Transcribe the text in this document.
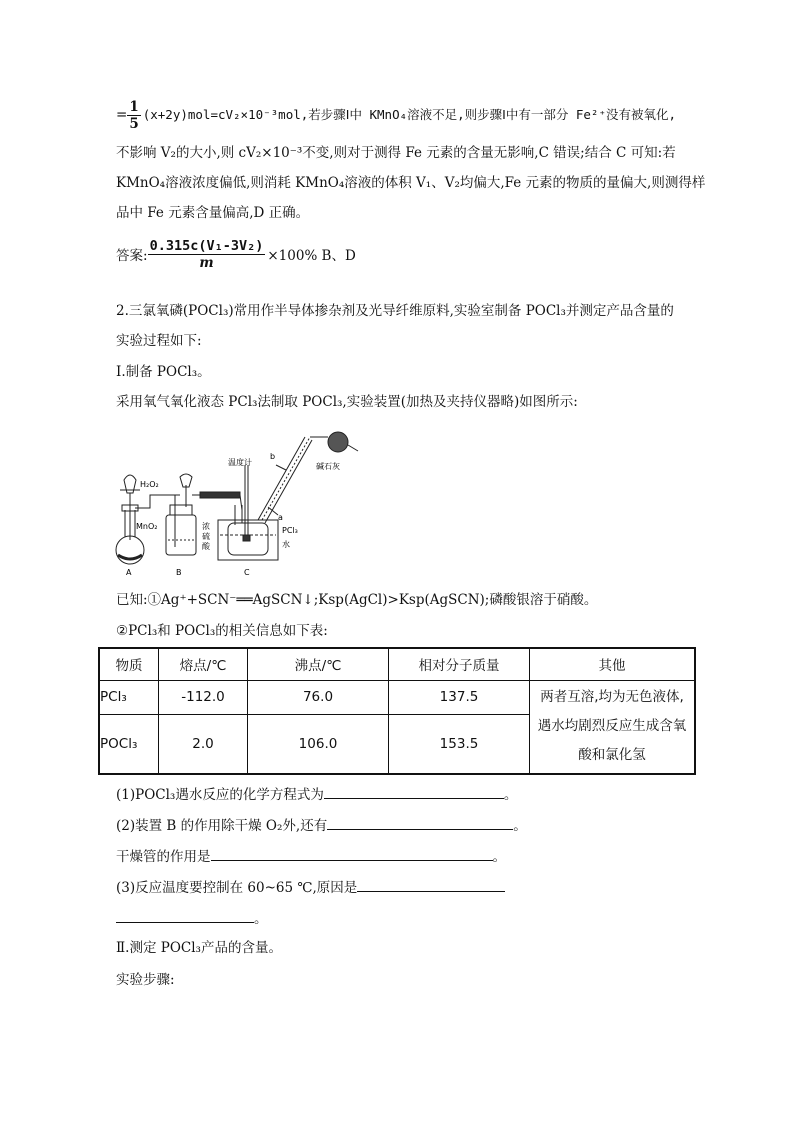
= $\frac{1}{5} (x+2y)mol=cV_2\times 10^{-3}mol$,若步骤Ⅰ中 KMnO₄溶液不足,则步骤Ⅰ中有一部分 Fe²⁺没有被氧化,
不影响 V₂的大小,则 cV₂×10⁻³不变,则对于测得 Fe 元素的含量无影响,C 错误;结合 C 可知:若
KMnO₄溶液浓度偏低,则消耗 KMnO₄溶液的体积 V₁、V₂均偏大,Fe 元素的物质的量偏大,则测得样
品中 Fe 元素含量偏高,D 正确。
答案: $\frac{\text{0.315c(V₁-3V₂)}}{m} \times 100\%$ B、D
2.三氯氧磷(POCl₃)常用作半导体掺杂剂及光导纤维原料,实验室制备 POCl₃并测定产品含量的
实验过程如下:
Ⅰ.制备 POCl₃。
采用氧气氧化液态 PCl₃法制取 POCl₃,实验装置(加热及夹持仪器略)如图所示:
H₂O₂
MnO₂	浓
硫
酸
温度计
b
a
碱石灰
PCl₃
水
A	B	C
已知:①Ag⁺+SCN⁻══AgSCN↓;Ksp(AgCl)>Ksp(AgSCN);磷酸银溶于硝酸。
②PCl₃和 POCl₃的相关信息如下表:
物质	熔点/℃	沸点/℃	相对分子质量	其他
PCl₃	-112.0	76.0	137.5	两者互溶,均为无色液体,
遇水均剧烈反应生成含氧
酸和氯化氢

POCl₃	2.0	106.0	153.5	
(1)POCl₃遇水反应的化学方程式为	。
(2)装置 B 的作用除干燥 O₂外,还有	。
干燥管的作用是	。
(3)反应温度要控制在 60~65 ℃,原因是
。
Ⅱ.测定 POCl₃产品的含量。
实验步骤:
